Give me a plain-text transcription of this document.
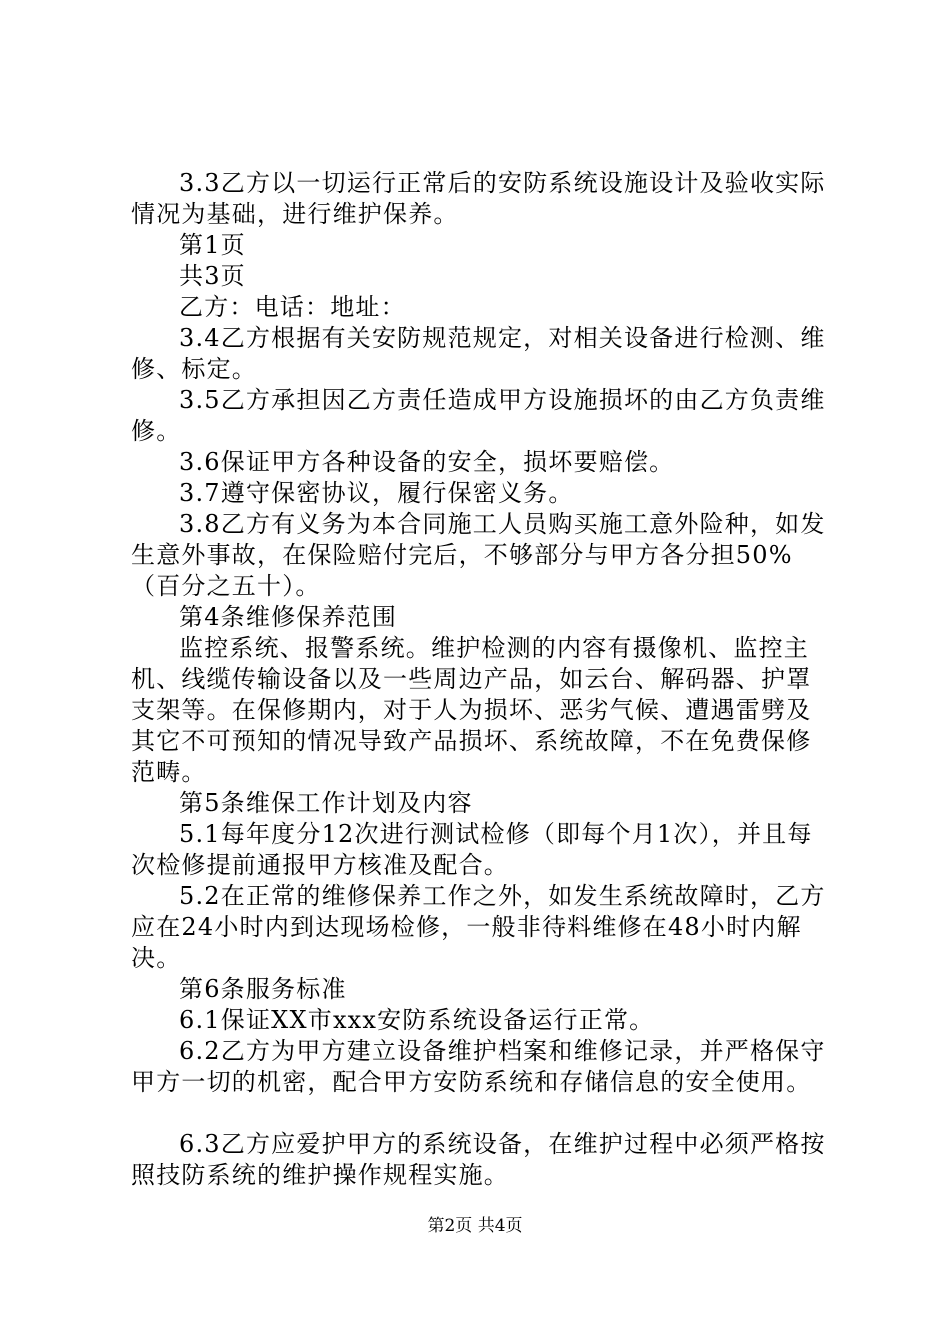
3.3乙方以一切运行正常后的安防系统设施设计及验收实际情况为基础，进行维护保养。

第1页

共3页

乙方：电话：地址：

3.4乙方根据有关安防规范规定，对相关设备进行检测、维修、标定。

3.5乙方承担因乙方责任造成甲方设施损坏的由乙方负责维修。

3.6保证甲方各种设备的安全，损坏要赔偿。

3.7遵守保密协议，履行保密义务。

3.8乙方有义务为本合同施工人员购买施工意外险种，如发生意外事故，在保险赔付完后，不够部分与甲方各分担50%（百分之五十）。

第4条维修保养范围

监控系统、报警系统。维护检测的内容有摄像机、监控主机、线缆传输设备以及一些周边产品，如云台、解码器、护罩支架等。在保修期内，对于人为损坏、恶劣气候、遭遇雷劈及其它不可预知的情况导致产品损坏、系统故障，不在免费保修范畴。

第5条维保工作计划及内容

5.1每年度分12次进行测试检修（即每个月1次），并且每次检修提前通报甲方核准及配合。

5.2在正常的维修保养工作之外，如发生系统故障时，乙方应在24小时内到达现场检修，一般非待料维修在48小时内解决。

第6条服务标准

6.1保证XX市xxx安防系统设备运行正常。

6.2乙方为甲方建立设备维护档案和维修记录，并严格保守甲方一切的机密，配合甲方安防系统和存储信息的安全使用。

6.3乙方应爱护甲方的系统设备，在维护过程中必须严格按照技防系统的维护操作规程实施。

第2页 共4页
